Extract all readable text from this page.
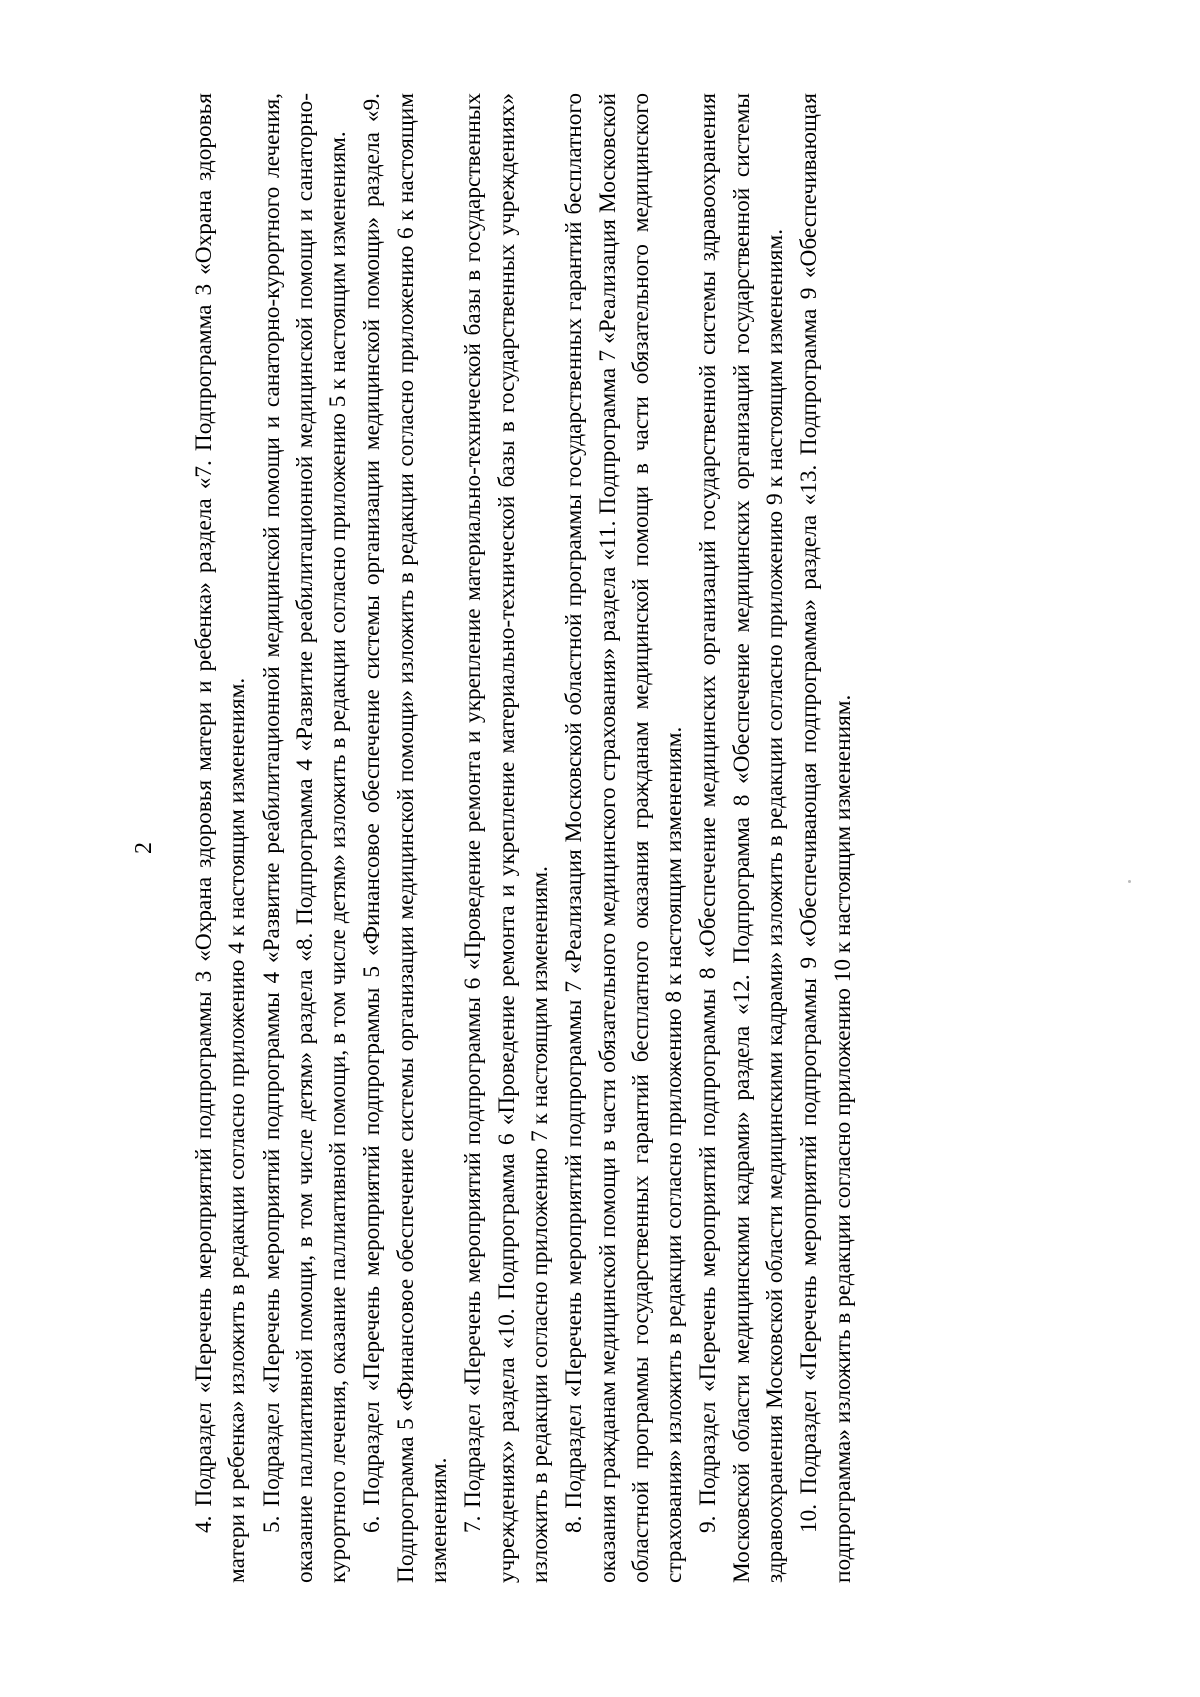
2 4. Подраздел «Перечень мероприятий подпрограммы 3 «Охрана здоровья матери и ребенка» раздела «7. Подпрограмма 3 «Охрана здоровья матери и ребенка» изложить в редакции согласно приложению 4 к настоящим изменениям. 5. Подраздел «Перечень мероприятий подпрограммы 4 «Развитие реабилитационной медицинской помощи и санаторно-курортного лечения, оказание паллиативной помощи, в том числе детям» раздела «8. Подпрограмма 4 «Развитие реабилитационной медицинской помощи и санаторно-курортного лечения, оказание паллиативной помощи, в том числе детям» изложить в редакции согласно приложению 5 к настоящим изменениям. 6. Подраздел «Перечень мероприятий подпрограммы 5 «Финансовое обеспечение системы организации медицинской помощи» раздела «9. Подпрограмма 5 «Финансовое обеспечение системы организации медицинской помощи» изложить в редакции согласно приложению 6 к настоящим изменениям. 7. Подраздел «Перечень мероприятий подпрограммы 6 «Проведение ремонта и укрепление материально-технической базы в государственных учреждениях» раздела «10. Подпрограмма 6 «Проведение ремонта и укрепление материально-технической базы в государственных учреждениях» изложить в редакции согласно приложению 7 к настоящим изменениям. 8. Подраздел «Перечень мероприятий подпрограммы 7 «Реализация Московской областной программы государственных гарантий бесплатного оказания гражданам медицинской помощи в части обязательного медицинского страхования» раздела «11. Подпрограмма 7 «Реализация Московской областной программы государственных гарантий бесплатного оказания гражданам медицинской помощи в части обязательного медицинского страхования» изложить в редакции согласно приложению 8 к настоящим изменениям. 9. Подраздел «Перечень мероприятий подпрограммы 8 «Обеспечение медицинских организаций государственной системы здравоохранения Московской области медицинскими кадрами» раздела «12. Подпрограмма 8 «Обеспечение медицинских организаций государственной системы здравоохранения Московской области медицинскими кадрами» изложить в редакции согласно приложению 9 к настоящим изменениям. 10. Подраздел «Перечень мероприятий подпрограммы 9 «Обеспечивающая подпрограмма» раздела «13. Подпрограмма 9 «Обеспечивающая подпрограмма» изложить в редакции согласно приложению 10 к настоящим изменениям.
